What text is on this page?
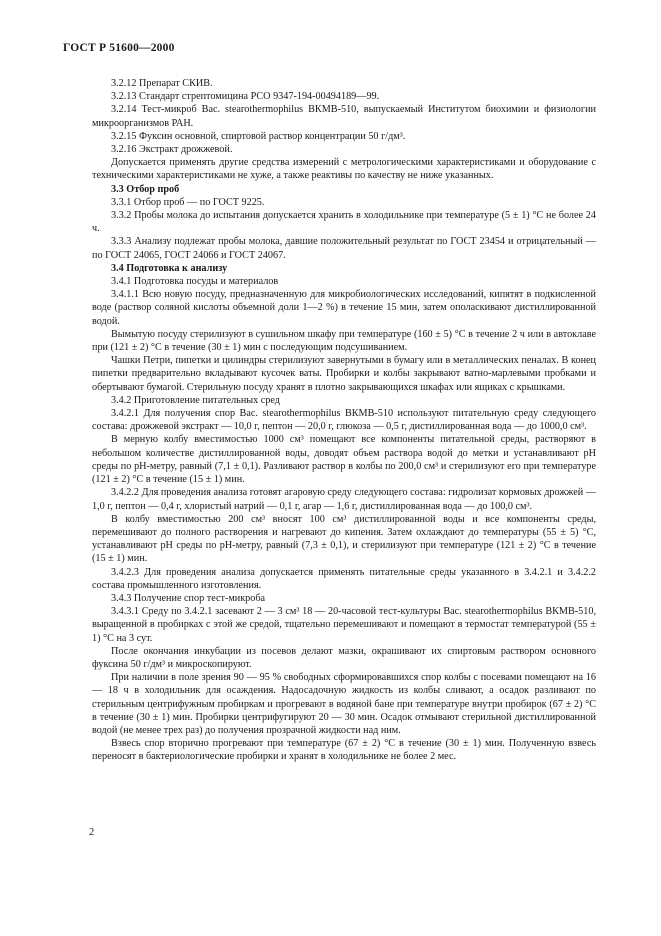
ГОСТ Р 51600—2000

3.2.12 Препарат СКИВ.

3.2.13 Стандарт стрептомицина РСО 9347-194-00494189—99.

3.2.14 Тест-микроб Bac. stearothermophilus ВКМВ-510, выпускаемый Институтом биохимии и физиологии микроорганизмов РАН.

3.2.15 Фуксин основной, спиртовой раствор концентрации 50 г/дм³.

3.2.16 Экстракт дрожжевой.

Допускается применять другие средства измерений с метрологическими характеристиками и оборудование с техническими характеристиками не хуже, а также реактивы по качеству не ниже указанных.

3.3 Отбор проб

3.3.1 Отбор проб — по ГОСТ 9225.

3.3.2 Пробы молока до испытания допускается хранить в холодильнике при температуре (5 ± 1) °С не более 24 ч.

3.3.3 Анализу подлежат пробы молока, давшие положительный результат по ГОСТ 23454 и отрицательный — по ГОСТ 24065, ГОСТ 24066 и ГОСТ 24067.

3.4 Подготовка к анализу

3.4.1 Подготовка посуды и материалов

3.4.1.1 Всю новую посуду, предназначенную для микробиологических исследований, кипятят в подкисленной воде (раствор соляной кислоты объемной доли 1—2 %) в течение 15 мин, затем ополаскивают дистиллированной водой.

Вымытую посуду стерилизуют в сушильном шкафу при температуре (160 ± 5) °С в течение 2 ч или в автоклаве при (121 ± 2) °С в течение (30 ± 1) мин с последующим подсушиванием.

Чашки Петри, пипетки и цилиндры стерилизуют завернутыми в бумагу или в металлических пеналах. В конец пипетки предварительно вкладывают кусочек ваты. Пробирки и колбы закрывают ватно-марлевыми пробками и обертывают бумагой. Стерильную посуду хранят в плотно закрывающихся шкафах или ящиках с крышками.

3.4.2 Приготовление питательных сред

3.4.2.1 Для получения спор Bac. stearothermophilus ВКМВ-510 используют питательную среду следующего состава: дрожжевой экстракт — 10,0 г, пептон — 20,0 г, глюкоза — 0,5 г, дистиллированная вода — до 1000,0 см³.

В мерную колбу вместимостью 1000 см³ помещают все компоненты питательной среды, растворяют в небольшом количестве дистиллированной воды, доводят объем раствора водой до метки и устанавливают рН среды по рН-метру, равный (7,1 ± 0,1). Разливают раствор в колбы по 200,0 см³ и стерилизуют его при температуре (121 ± 2) °С в течение (15 ± 1) мин.

3.4.2.2 Для проведения анализа готовят агаровую среду следующего состава: гидролизат кормовых дрожжей — 1,0 г, пептон — 0,4 г, хлористый натрий — 0,1 г, агар — 1,6 г, дистиллированная вода — до 100,0 см³.

В колбу вместимостью 200 см³ вносят 100 см³ дистиллированной воды и все компоненты среды, перемешивают до полного растворения и нагревают до кипения. Затем охлаждают до температуры (55 ± 5) °С, устанавливают рН среды по рН-метру, равный (7,3 ± 0,1), и стерилизуют при температуре (121 ± 2) °С в течение (15 ± 1) мин.

3.4.2.3 Для проведения анализа допускается применять питательные среды указанного в 3.4.2.1 и 3.4.2.2 состава промышленного изготовления.

3.4.3 Получение спор тест-микроба

3.4.3.1 Среду по 3.4.2.1 засевают 2 — 3 см³ 18 — 20-часовой тест-культуры Bac. stearothermophilus ВКМВ-510, выращенной в пробирках с этой же средой, тщательно перемешивают и помещают в термостат температурой (55 ± 1) °С на 3 сут.

После окончания инкубации из посевов делают мазки, окрашивают их спиртовым раствором основного фуксина 50 г/дм³ и микроскопируют.

При наличии в поле зрения 90 — 95 % свободных сформировавшихся спор колбы с посевами помещают на 16 — 18 ч в холодильник для осаждения. Надосадочную жидкость из колбы сливают, а осадок разливают по стерильным центрифужным пробиркам и прогревают в водяной бане при температуре внутри пробирок (67 ± 2) °С в течение (30 ± 1) мин. Пробирки центрифугируют 20 — 30 мин. Осадок отмывают стерильной дистиллированной водой (не менее трех раз) до получения прозрачной жидкости над ним.

Взвесь спор вторично прогревают при температуре (67 ± 2) °С в течение (30 ± 1) мин. Полученную взвесь переносят в бактериологические пробирки и хранят в холодильнике не более 2 мес.

2
